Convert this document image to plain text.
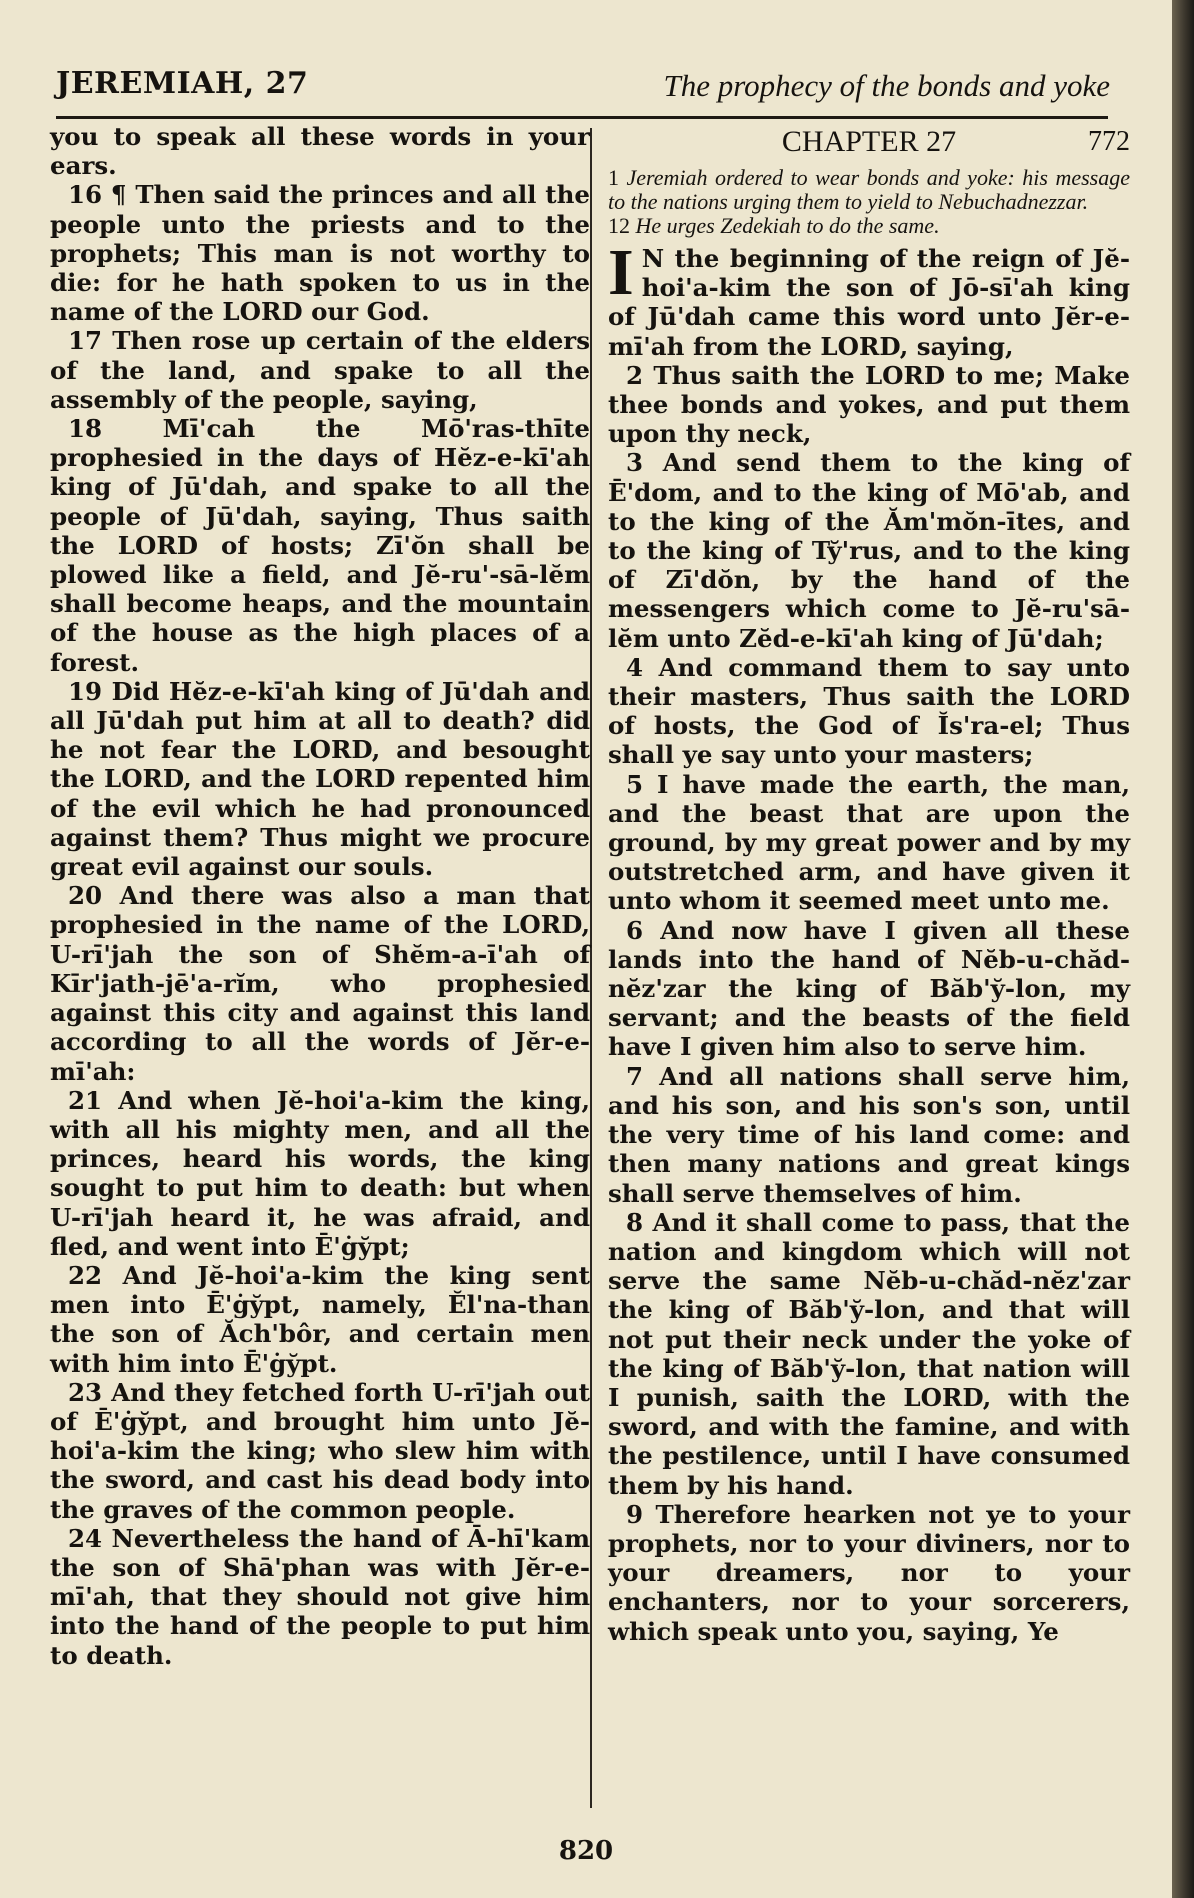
JEREMIAH, 27	The prophecy of the bonds and yoke

you to speak all these words in your ears.

16 ¶ Then said the princes and all the people unto the priests and to the prophets; This man is not worthy to die: for he hath spoken to us in the name of the LORD our God.

17 Then rose up certain of the elders of the land, and spake to all the assembly of the people, saying,

18 Mī'cah the Mō'ras-thīte prophesied in the days of Hĕz-e-kī'ah king of Jū'dah, and spake to all the people of Jū'dah, saying, Thus saith the LORD of hosts; Zī'ŏn shall be plowed like a field, and Jĕ-ru'-sā-lĕm shall become heaps, and the mountain of the house as the high places of a forest.

19 Did Hĕz-e-kī'ah king of Jū'dah and all Jū'dah put him at all to death? did he not fear the LORD, and besought the LORD, and the LORD repented him of the evil which he had pronounced against them? Thus might we procure great evil against our souls.

20 And there was also a man that prophesied in the name of the LORD, U-rī'jah the son of Shĕm-a-ī'ah of Kīr'jath-jē'a-rĭm, who prophesied against this city and against this land according to all the words of Jĕr-e-mī'ah:

21 And when Jĕ-hoi'a-kim the king, with all his mighty men, and all the princes, heard his words, the king sought to put him to death: but when U-rī'jah heard it, he was afraid, and fled, and went into Ē'ġy̆pt;

22 And Jĕ-hoi'a-kim the king sent men into Ē'ġy̆pt, namely, Ĕl'na-than the son of Ăch'bôr, and certain men with him into Ē'ġy̆pt.

23 And they fetched forth U-rī'jah out of Ē'ġy̆pt, and brought him unto Jĕ-hoi'a-kim the king; who slew him with the sword, and cast his dead body into the graves of the common people.

24 Nevertheless the hand of Ā-hī'kam the son of Shā'phan was with Jĕr-e-mī'ah, that they should not give him into the hand of the people to put him to death.

CHAPTER 27	772
1 Jeremiah ordered to wear bonds and yoke: his message to the nations urging them to yield to Nebuchadnezzar.
12 He urges Zedekiah to do the same.

I N the beginning of the reign of Jĕ-hoi'a-kim the son of Jō-sī'ah king of Jū'dah came this word unto Jĕr-e-mī'ah from the LORD, saying,

2 Thus saith the LORD to me; Make thee bonds and yokes, and put them upon thy neck,

3 And send them to the king of Ē'dom, and to the king of Mō'ab, and to the king of the Ăm'mŏn-ītes, and to the king of Ty̆'rus, and to the king of Zī'dŏn, by the hand of the messengers which come to Jĕ-ru'sā-lĕm unto Zĕd-e-kī'ah king of Jū'dah;

4 And command them to say unto their masters, Thus saith the LORD of hosts, the God of Ĭs'ra-el; Thus shall ye say unto your masters;

5 I have made the earth, the man, and the beast that are upon the ground, by my great power and by my outstretched arm, and have given it unto whom it seemed meet unto me.

6 And now have I given all these lands into the hand of Nĕb-u-chăd-nĕz'zar the king of Băb'y̆-lon, my servant; and the beasts of the field have I given him also to serve him.

7 And all nations shall serve him, and his son, and his son's son, until the very time of his land come: and then many nations and great kings shall serve themselves of him.

8 And it shall come to pass, that the nation and kingdom which will not serve the same Nĕb-u-chăd-nĕz'zar the king of Băb'y̆-lon, and that will not put their neck under the yoke of the king of Băb'y̆-lon, that nation will I punish, saith the LORD, with the sword, and with the famine, and with the pestilence, until I have consumed them by his hand.

9 Therefore hearken not ye to your prophets, nor to your diviners, nor to your dreamers, nor to your enchanters, nor to your sorcerers, which speak unto you, saying, Ye

820
